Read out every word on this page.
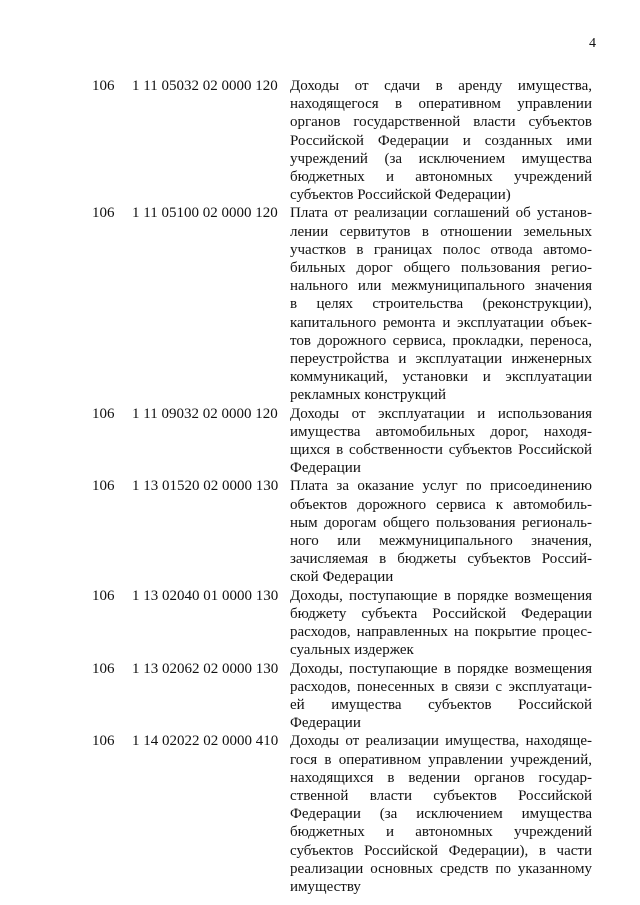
4
106	1 11 05032 02 0000 120 Доходы от сдачи в аренду имущества,
находящегося в оперативном управлении
органов государственной власти субъектов
Российской Федерации и созданных ими
учреждений (за исключением имущества
бюджетных и автономных учреждений
субъектов Российской Федерации)
106	1 11 05100 02 0000 120 Плата от реализации соглашений об установ-
лении сервитутов в отношении земельных
участков в границах полос отвода автомо-
бильных дорог общего пользования регио-
нального или межмуниципального значения
в целях строительства (реконструкции),
капитального ремонта и эксплуатации объек-
тов дорожного сервиса, прокладки, переноса,
переустройства и эксплуатации инженерных
коммуникаций, установки и эксплуатации
рекламных конструкций
106	1 11 09032 02 0000 120 Доходы от эксплуатации и использования
имущества автомобильных дорог, находя-
щихся в собственности субъектов Российской
Федерации
106	1 13 01520 02 0000 130 Плата за оказание услуг по присоединению
объектов дорожного сервиса к автомобиль-
ным дорогам общего пользования региональ-
ного или межмуниципального значения,
зачисляемая в бюджеты субъектов Россий-
ской Федерации
106	1 13 02040 01 0000 130 Доходы, поступающие в порядке возмещения
бюджету субъекта Российской Федерации
расходов, направленных на покрытие процес-
суальных издержек
106	1 13 02062 02 0000 130 Доходы, поступающие в порядке возмещения
расходов, понесенных в связи с эксплуатаци-
ей имущества субъектов Российской
Федерации
106	1 14 02022 02 0000 410 Доходы от реализации имущества, находяще-
гося в оперативном управлении учреждений,
находящихся в ведении органов государ-
ственной власти субъектов Российской
Федерации (за исключением имущества
бюджетных и автономных учреждений
субъектов Российской Федерации), в части
реализации основных средств по указанному
имуществу
